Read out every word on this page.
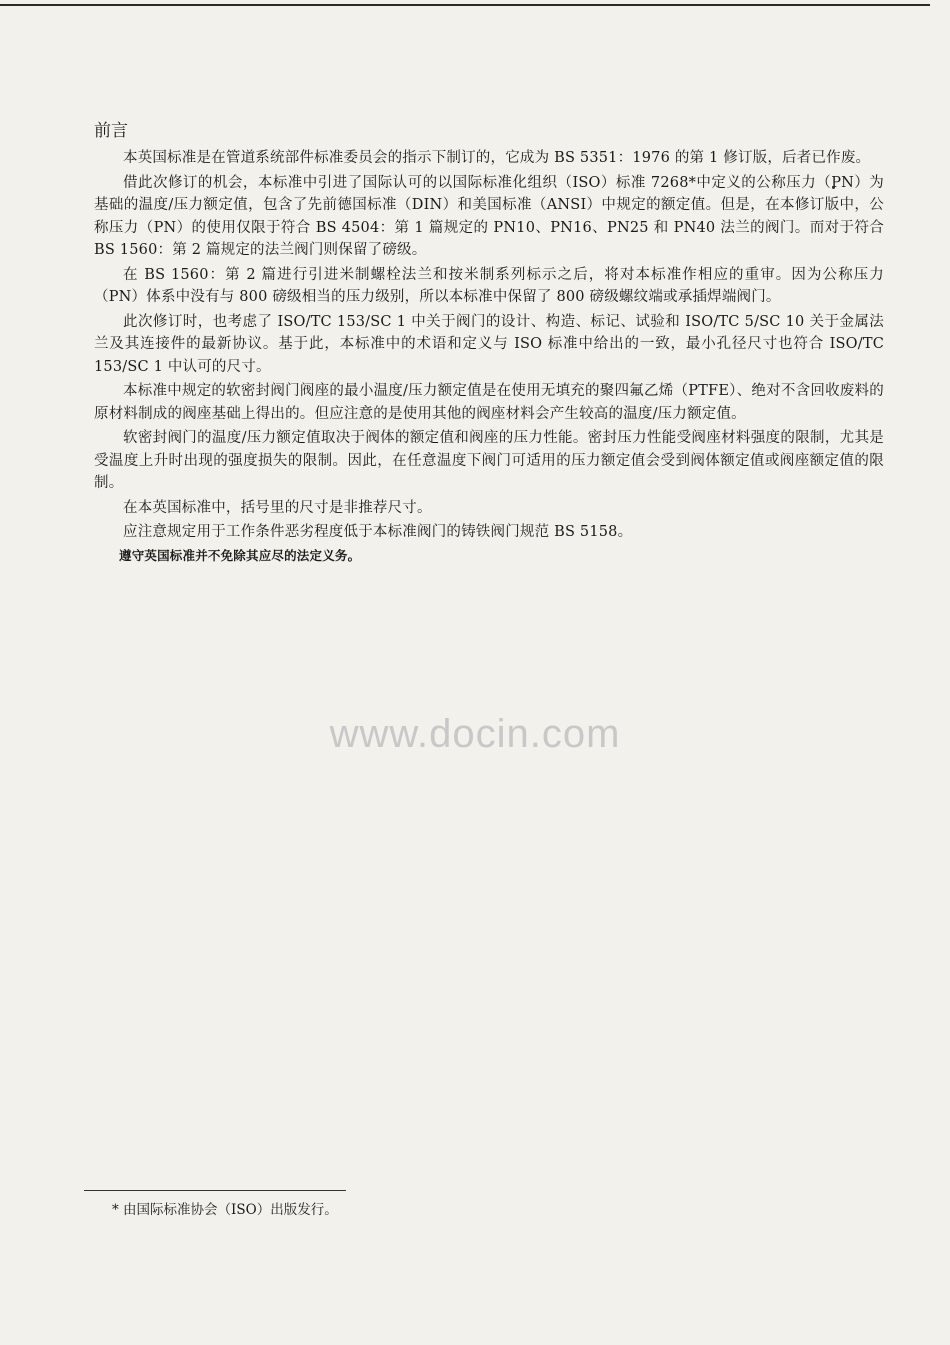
前言

本英国标准是在管道系统部件标准委员会的指示下制订的，它成为 BS 5351：1976 的第 1 修订版，后者已作废。

借此次修订的机会，本标准中引进了国际认可的以国际标准化组织（ISO）标准 7268*中定义的公称压力（PN）为基础的温度/压力额定值，包含了先前德国标准（DIN）和美国标准（ANSI）中规定的额定值。但是，在本修订版中，公称压力（PN）的使用仅限于符合 BS 4504：第 1 篇规定的 PN10、PN16、PN25 和 PN40 法兰的阀门。而对于符合 BS 1560：第 2 篇规定的法兰阀门则保留了磅级。

在 BS 1560：第 2 篇进行引进米制螺栓法兰和按米制系列标示之后，将对本标准作相应的重审。因为公称压力（PN）体系中没有与 800 磅级相当的压力级别，所以本标准中保留了 800 磅级螺纹端或承插焊端阀门。

此次修订时，也考虑了 ISO/TC 153/SC 1 中关于阀门的设计、构造、标记、试验和 ISO/TC 5/SC 10 关于金属法兰及其连接件的最新协议。基于此，本标准中的术语和定义与 ISO 标准中给出的一致，最小孔径尺寸也符合 ISO/TC 153/SC 1 中认可的尺寸。

本标准中规定的软密封阀门阀座的最小温度/压力额定值是在使用无填充的聚四氟乙烯（PTFE）、绝对不含回收废料的原材料制成的阀座基础上得出的。但应注意的是使用其他的阀座材料会产生较高的温度/压力额定值。

软密封阀门的温度/压力额定值取决于阀体的额定值和阀座的压力性能。密封压力性能受阀座材料强度的限制，尤其是受温度上升时出现的强度损失的限制。因此，在任意温度下阀门可适用的压力额定值会受到阀体额定值或阀座额定值的限制。

在本英国标准中，括号里的尺寸是非推荐尺寸。

应注意规定用于工作条件恶劣程度低于本标准阀门的铸铁阀门规范 BS 5158。

遵守英国标准并不免除其应尽的法定义务。

www.docin.com
* 由国际标准协会（ISO）出版发行。
